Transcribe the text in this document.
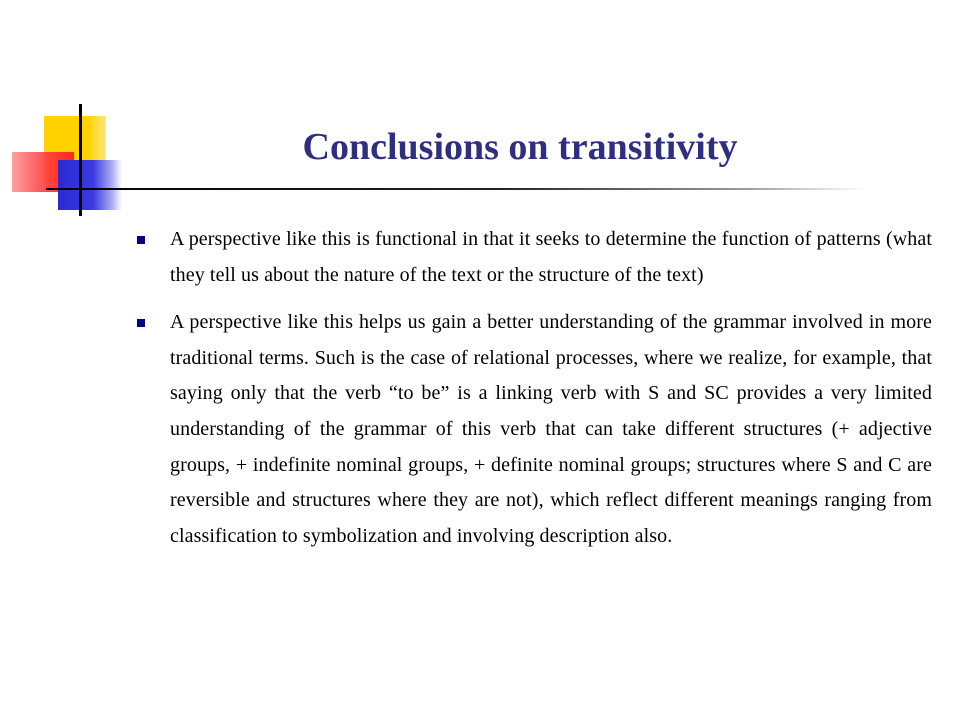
Conclusions on transitivity
A perspective like this is functional in that it seeks to determine the function of patterns (what they tell us about the nature of the text or the structure of the text)
A perspective like this helps us gain a better understanding of the grammar involved in more traditional terms. Such is the case of relational processes, where we realize, for example, that saying only that the verb “to be” is a linking verb with S and SC provides a very limited understanding of the grammar of this verb that can take different structures (+ adjective groups, + indefinite nominal groups, + definite nominal groups; structures where S and C are reversible and structures where they are not), which reflect different meanings ranging from classification to symbolization and involving description also.
